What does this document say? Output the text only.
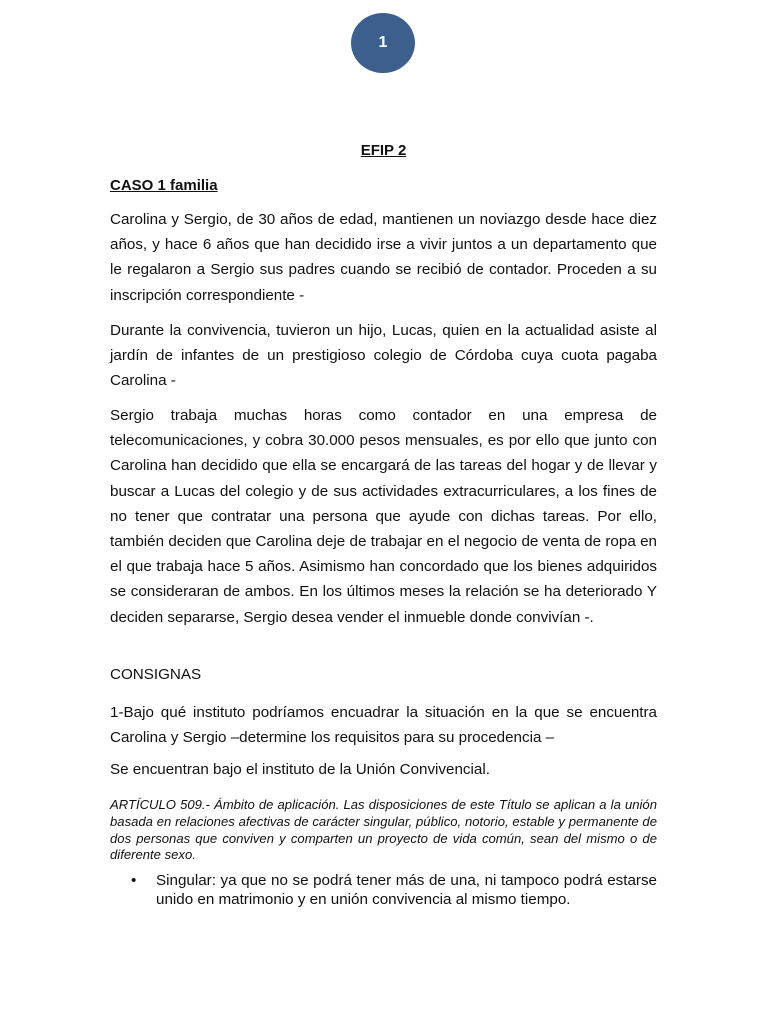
1
EFIP 2
CASO 1 familia

Carolina y Sergio, de 30 años de edad, mantienen un noviazgo desde hace diez años, y hace 6 años que han decidido irse a vivir juntos a un departamento que le regalaron a Sergio sus padres cuando se recibió de contador. Proceden a su inscripción correspondiente -

Durante la convivencia, tuvieron un hijo, Lucas, quien en la actualidad asiste al jardín de infantes de un prestigioso colegio de Córdoba cuya cuota pagaba Carolina -

Sergio trabaja muchas horas como contador en una empresa de telecomunicaciones, y cobra 30.000 pesos mensuales, es por ello que junto con Carolina han decidido que ella se encargará de las tareas del hogar y de llevar y buscar a Lucas del colegio y de sus actividades extracurriculares, a los fines de no tener que contratar una persona que ayude con dichas tareas. Por ello, también deciden que Carolina deje de trabajar en el negocio de venta de ropa en el que trabaja hace 5 años. Asimismo han concordado que los bienes adquiridos se consideraran de ambos. En los últimos meses la relación se ha deteriorado Y deciden separarse, Sergio desea vender el inmueble donde convivían -.

CONSIGNAS

1-Bajo qué instituto podríamos encuadrar la situación en la que se encuentra Carolina y Sergio –determine los requisitos para su procedencia –

Se encuentran bajo el instituto de la Unión Convivencial.

ARTÍCULO 509.- Ámbito de aplicación. Las disposiciones de este Título se aplican a la unión basada en relaciones afectivas de carácter singular, público, notorio, estable y permanente de dos personas que conviven y comparten un proyecto de vida común, sean del mismo o de diferente sexo.

• Singular: ya que no se podrá tener más de una, ni tampoco podrá estarse unido en matrimonio y en unión convivencia al mismo tiempo.
